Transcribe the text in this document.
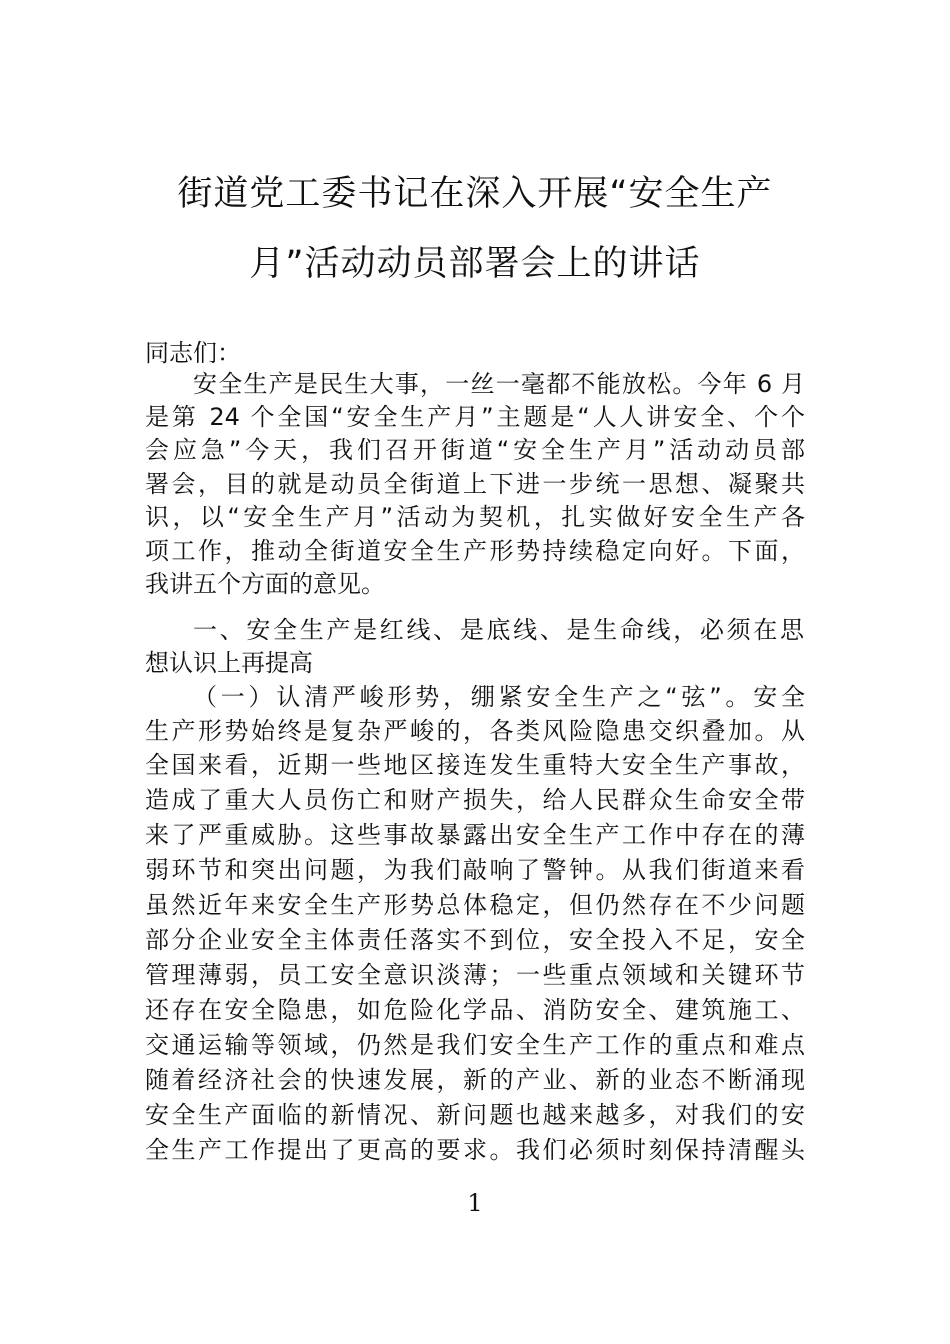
街道党工委书记在深入开展“安全生产
月”活动动员部署会上的讲话
同志们：
安全生产是民生大事，一丝一毫都不能放松。今年 6 月
是第 24 个全国“安全生产月”主题是“人人讲安全、个个
会应急”今天，我们召开街道“安全生产月”活动动员部
署会，目的就是动员全街道上下进一步统一思想、凝聚共
识，以“安全生产月”活动为契机，扎实做好安全生产各
项工作，推动全街道安全生产形势持续稳定向好。下面，
我讲五个方面的意见。
一、安全生产是红线、是底线、是生命线，必须在思
想认识上再提高
（一）认清严峻形势，绷紧安全生产之“弦”。安全
生产形势始终是复杂严峻的，各类风险隐患交织叠加。从
全国来看，近期一些地区接连发生重特大安全生产事故，
造成了重大人员伤亡和财产损失，给人民群众生命安全带
来了严重威胁。这些事故暴露出安全生产工作中存在的薄
弱环节和突出问题，为我们敲响了警钟。从我们街道来看
虽然近年来安全生产形势总体稳定，但仍然存在不少问题
部分企业安全主体责任落实不到位，安全投入不足，安全
管理薄弱，员工安全意识淡薄；一些重点领域和关键环节
还存在安全隐患，如危险化学品、消防安全、建筑施工、
交通运输等领域，仍然是我们安全生产工作的重点和难点
随着经济社会的快速发展，新的产业、新的业态不断涌现
安全生产面临的新情况、新问题也越来越多，对我们的安
全生产工作提出了更高的要求。我们必须时刻保持清醒头
1
